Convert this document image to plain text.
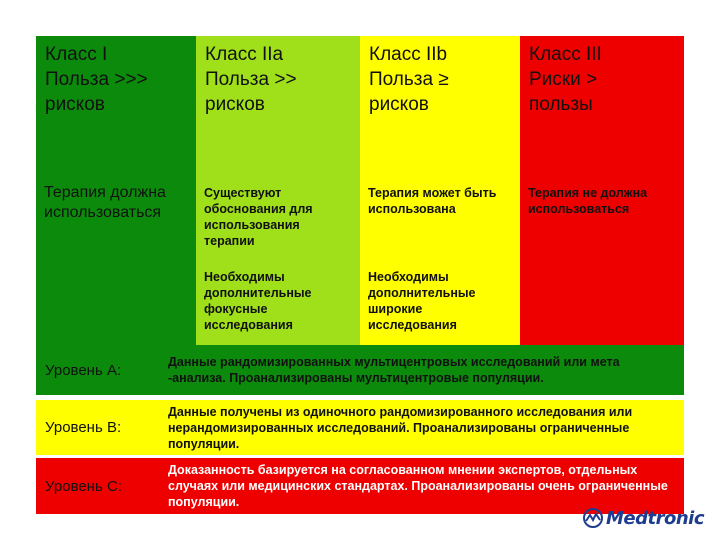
Класс I
Польза >>>
рисков
Класс IIa
Польза >>
рисков
Класс IIb
Польза ≥
рисков
Класс III
Риски >
пользы
Терапия должна
использоваться
Существуют
обоснования для
использования
терапии
Терапия может быть
использована
Терапия не должна
использоваться
Необходимы
дополнительные
фокусные
исследования
Необходимы
дополнительные
широкие
исследования
Уровень А:	Данные рандомизированных мультицентровых исследований или мета -анализа. Проанализированы мультицентровые популяции.
Уровень В:
Данные получены из одиночного рандомизированного исследования или нерандомизированных исследований. Проанализированы ограниченные популяции.
Уровень С:
Доказанность базируется на согласованном мнении экспертов, отдельных случаях или медицинских стандартах. Проанализированы очень ограниченные популяции.
Medtronic
